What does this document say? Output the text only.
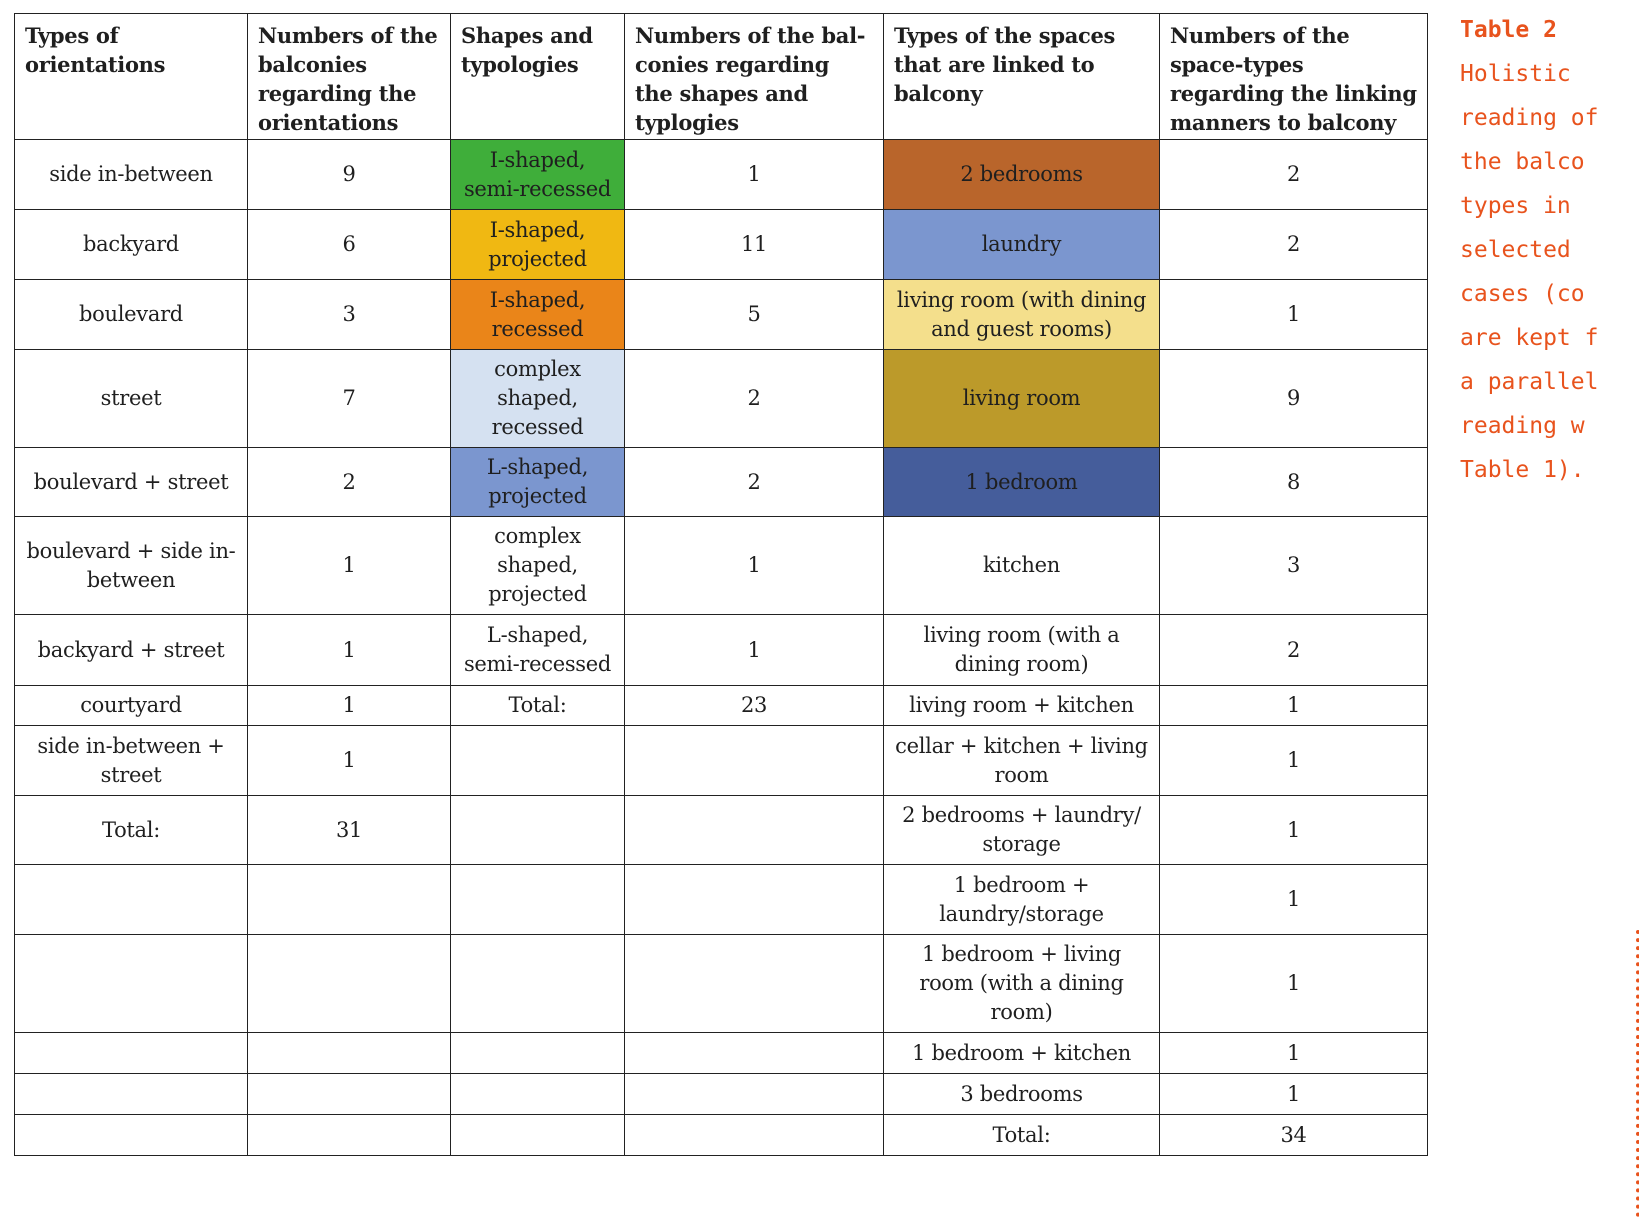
Types of orientations	Numbers of the balconies regarding the orientations	Shapes and typologies	Numbers of the bal-conies regarding the shapes and typlogies	Types of the spaces that are linked to balcony	Numbers of the space-types regarding the linking manners to balcony
side in-between	9	I-shaped, semi-recessed	1	2 bedrooms	2
backyard	6	I-shaped, projected	11	laundry	2
boulevard	3	I-shaped, recessed	5	living room (with dining and guest rooms)	1
street	7	complex shaped, recessed	2	living room	9
boulevard + street	2	L-shaped, projected	2	1 bedroom	8
boulevard + side in-between	1	complex shaped, projected	1	kitchen	3
backyard + street	1	L-shaped, semi-recessed	1	living room (with a dining room)	2
courtyard	1	Total:	23	living room + kitchen	1
side in-between + street	1			cellar + kitchen + living room	1
Total:	31			2 bedrooms + laundry/ storage	1
				1 bedroom + laundry/storage	1
				1 bedroom + living room (with a dining room)	1
				1 bedroom + kitchen	1
				3 bedrooms	1
				Total:	34
Table 2
Holistic
reading of
the balco
types in
selected
cases (co
are kept f
a parallel
reading w
Table 1).
